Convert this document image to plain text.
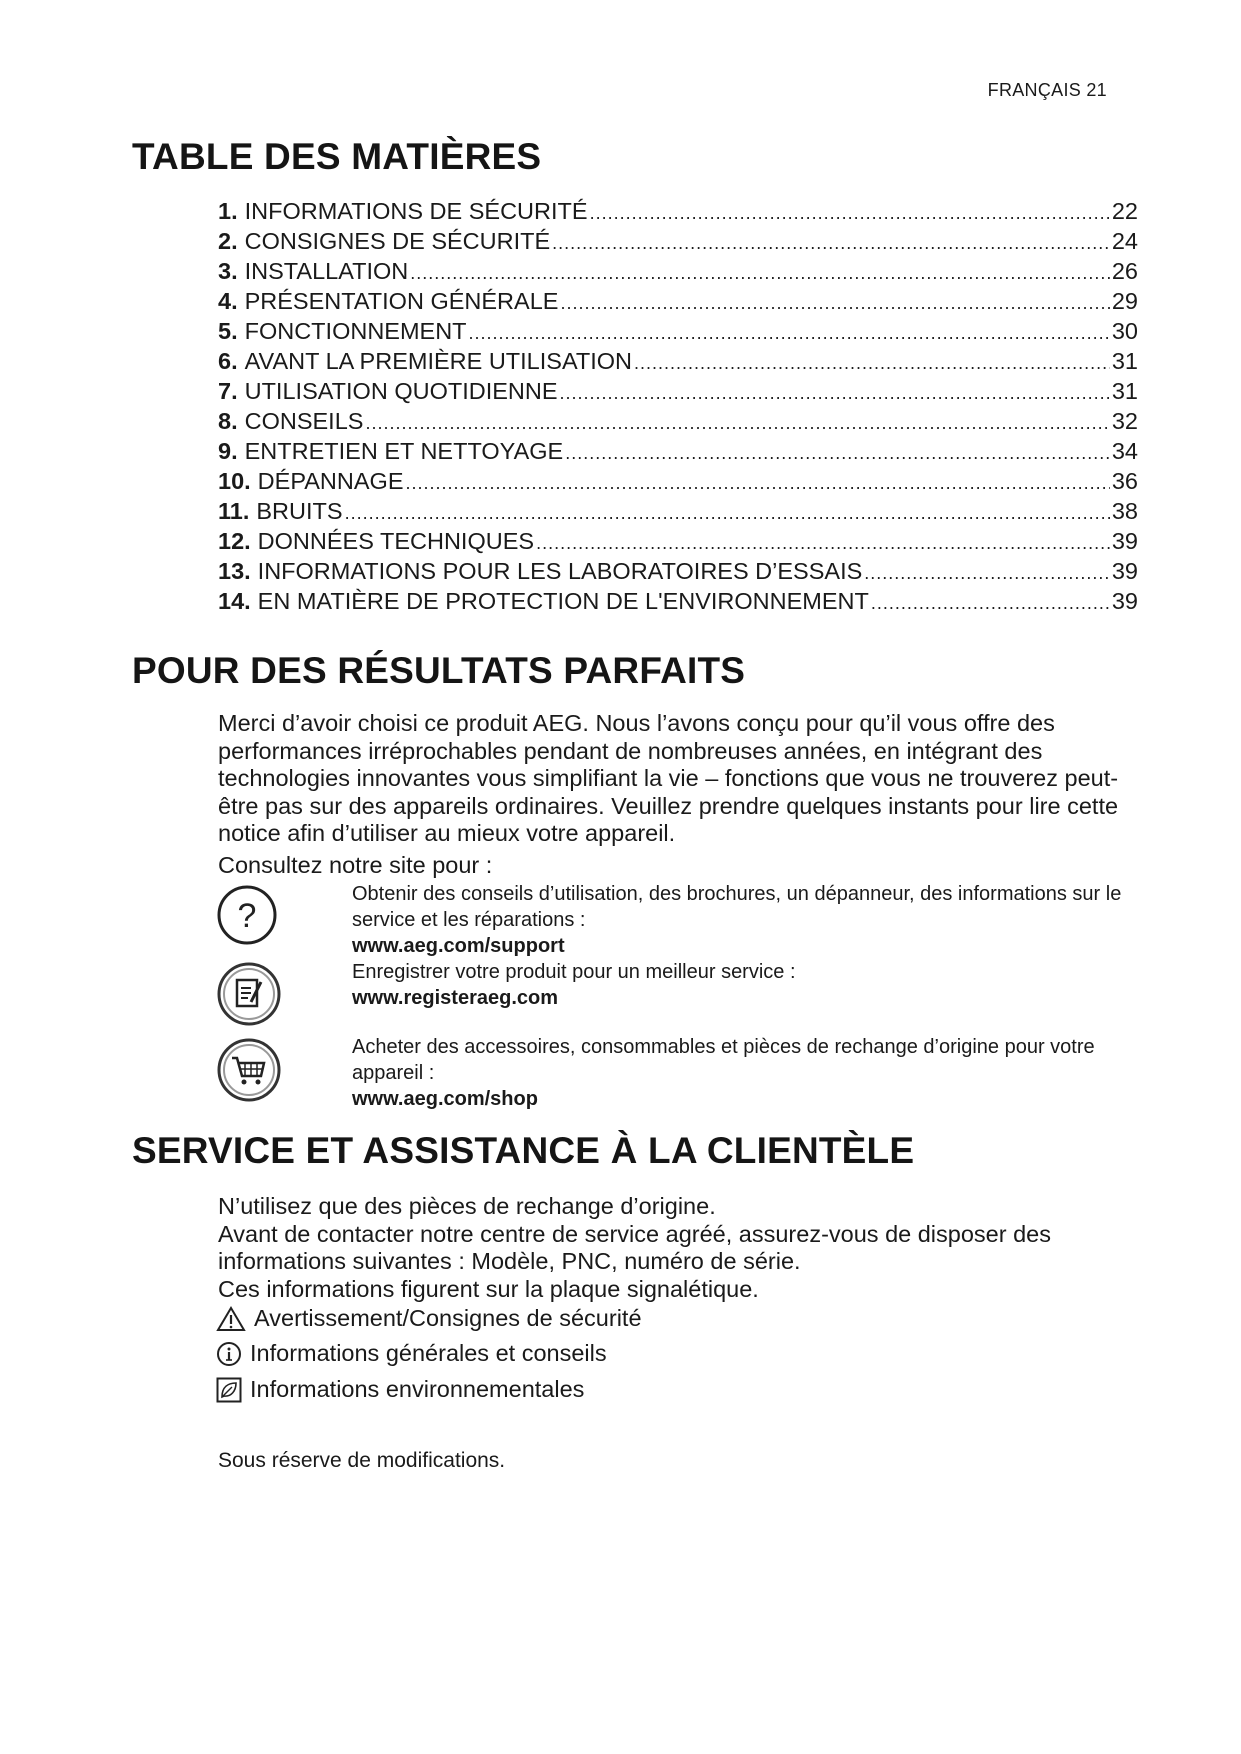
FRANÇAIS 21
TABLE DES MATIÈRES
1. INFORMATIONS DE SÉCURITÉ .....	22
2. CONSIGNES DE SÉCURITÉ .....	24
3. INSTALLATION .....	26
4. PRÉSENTATION GÉNÉRALE .....	29
5. FONCTIONNEMENT .....	30
6. AVANT LA PREMIÈRE UTILISATION .....	31
7. UTILISATION QUOTIDIENNE .....	31
8. CONSEILS .....	32
9. ENTRETIEN ET NETTOYAGE .....	34
10. DÉPANNAGE .....	36
11. BRUITS .....	38
12. DONNÉES TECHNIQUES .....	39
13. INFORMATIONS POUR LES LABORATOIRES D’ESSAIS .....	39
14. EN MATIÈRE DE PROTECTION DE L'ENVIRONNEMENT .....	39
POUR DES RÉSULTATS PARFAITS
Merci d’avoir choisi ce produit AEG. Nous l’avons conçu pour qu’il vous offre des performances irréprochables pendant de nombreuses années, en intégrant des technologies innovantes vous simplifiant la vie – fonctions que vous ne trouverez peut-être pas sur des appareils ordinaires. Veuillez prendre quelques instants pour lire cette notice afin d’utiliser au mieux votre appareil.
Consultez notre site pour :
?
Obtenir des conseils d’utilisation, des brochures, un dépanneur, des informations sur le service et les réparations :
www.aeg.com/support
Enregistrer votre produit pour un meilleur service :
www.registeraeg.com
Acheter des accessoires, consommables et pièces de rechange d’origine pour votre appareil :
www.aeg.com/shop
SERVICE ET ASSISTANCE À LA CLIENTÈLE
N’utilisez que des pièces de rechange d’origine.
Avant de contacter notre centre de service agréé, assurez-vous de disposer des informations suivantes : Modèle, PNC, numéro de série.
Ces informations figurent sur la plaque signalétique.
Avertissement/Consignes de sécurité
Informations générales et conseils
Informations environnementales
Sous réserve de modifications.
